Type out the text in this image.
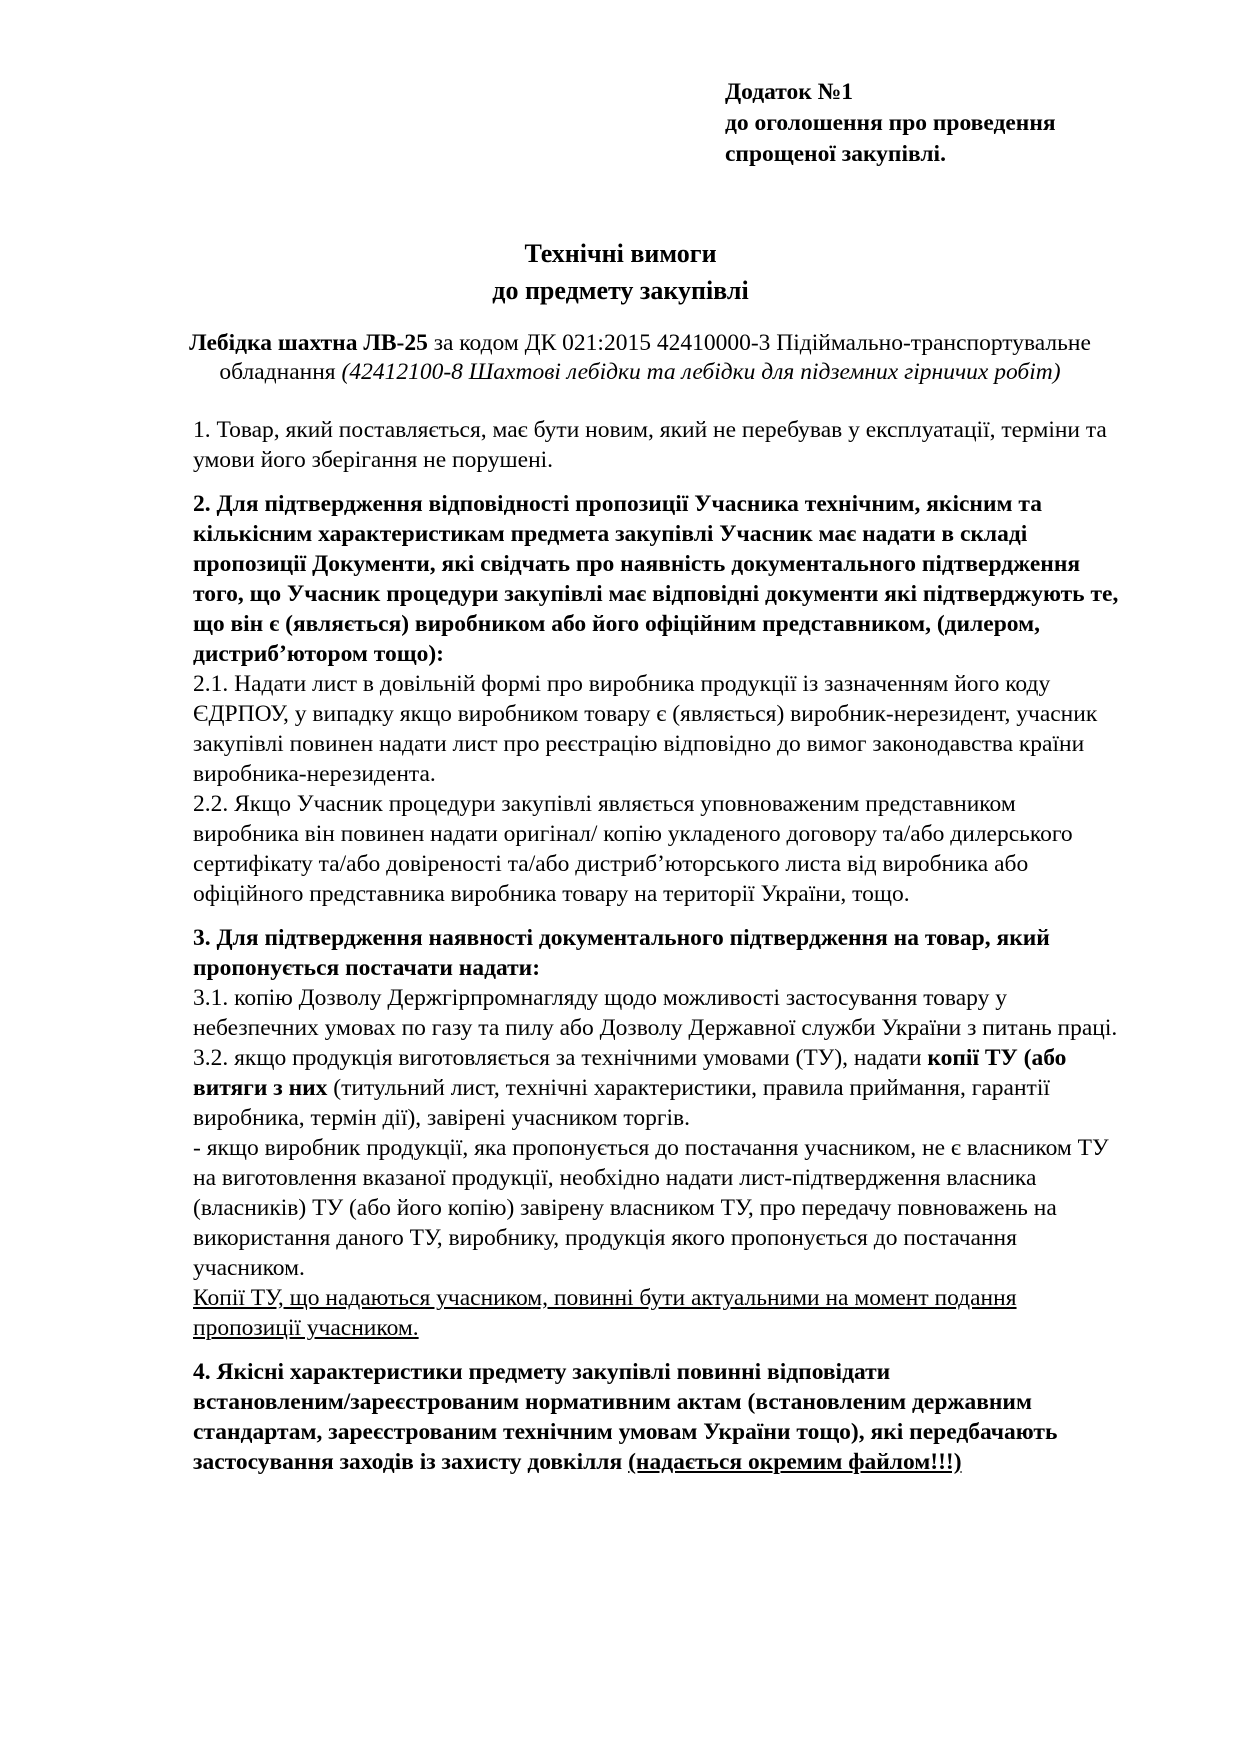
Додаток №1
до оголошення про проведення
спрощеної закупівлі.
Технічні вимоги
до предмету закупівлі
Лебідка шахтна ЛВ-25 за кодом ДК 021:2015 42410000-3 Підіймально-транспортувальне
обладнання (42412100-8 Шахтові лебідки та лебідки для підземних гірничих робіт)
1. Товар, який поставляється, має бути новим, який не перебував у експлуатації, терміни та
умови його зберігання не порушені.
2. Для підтвердження відповідності пропозиції Учасника технічним, якісним та
кількісним характеристикам предмета закупівлі Учасник має надати в складі
пропозиції Документи, які свідчать про наявність документального підтвердження
того, що Учасник процедури закупівлі має відповідні документи які підтверджують те,
що він є (являється) виробником або його офіційним представником, (дилером,
дистриб’ютором тощо):
2.1. Надати лист в довільній формі про виробника продукції із зазначенням його коду
ЄДРПОУ, у випадку якщо виробником товару є (являється) виробник-нерезидент, учасник
закупівлі повинен надати лист про реєстрацію відповідно до вимог законодавства країни
виробника-нерезидента.
2.2. Якщо Учасник процедури закупівлі являється уповноваженим представником
виробника він повинен надати оригінал/ копію укладеного договору та/або дилерського
сертифікату та/або довіреності та/або дистриб’юторського листа від виробника або
офіційного представника виробника товару на території України, тощо.
3. Для підтвердження наявності документального підтвердження на товар, який
пропонується постачати надати:
3.1. копію Дозволу Держгірпромнагляду щодо можливості застосування товару у
небезпечних умовах по газу та пилу або Дозволу Державної служби України з питань праці.
3.2. якщо продукція виготовляється за технічними умовами (ТУ), надати копії ТУ (або
витяги з них (титульний лист, технічні характеристики, правила приймання, гарантії
виробника, термін дії), завірені учасником торгів.
- якщо виробник продукції, яка пропонується до постачання учасником, не є власником ТУ
на виготовлення вказаної продукції, необхідно надати лист-підтвердження власника
(власників) ТУ (або його копію) завірену власником ТУ, про передачу повноважень на
використання даного ТУ, виробнику, продукція якого пропонується до постачання
учасником.
Копії ТУ, що надаються учасником, повинні бути актуальними на момент подання
пропозиції учасником.
4. Якісні характеристики предмету закупівлі повинні відповідати
встановленим/зареєстрованим нормативним актам (встановленим державним
стандартам, зареєстрованим технічним умовам України тощо), які передбачають
застосування заходів із захисту довкілля (надається окремим файлом!!!)
